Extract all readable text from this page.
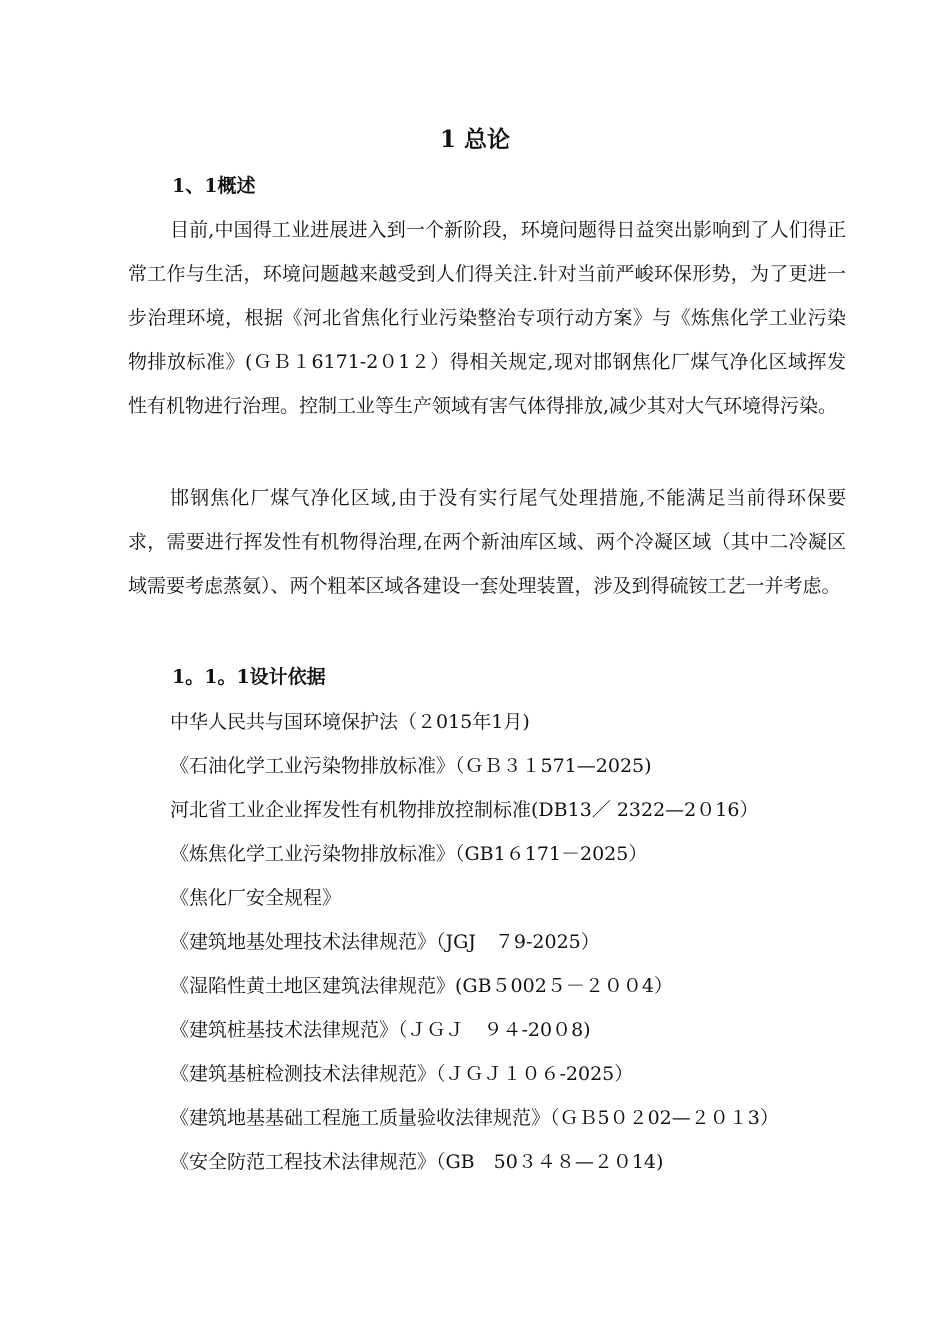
1 总论
1、1概述

目前,中国得工业进展进入到一个新阶段，环境问题得日益突出影响到了人们得正常工作与生活，环境问题越来越受到人们得关注.针对当前严峻环保形势，为了更进一步治理环境，根据《河北省焦化行业污染整治专项行动方案》与《炼焦化学工业污染物排放标准》(ＧＢ１6171-2０1２）得相关规定,现对邯钢焦化厂煤气净化区域挥发性有机物进行治理。控制工业等生产领域有害气体得排放,减少其对大气环境得污染。

邯钢焦化厂煤气净化区域,由于没有实行尾气处理措施,不能满足当前得环保要求，需要进行挥发性有机物得治理,在两个新油库区域、两个冷凝区域（其中二冷凝区域需要考虑蒸氨）、两个粗苯区域各建设一套处理装置，涉及到得硫铵工艺一并考虑。

1。1。1设计依据
中华人民共与国环境保护法（２015年1月)
《石油化学工业污染物排放标准》（ＧＢ３１571—2025)
河北省工业企业挥发性有机物排放控制标准(DB13／ 2322—2０16）
《炼焦化学工业污染物排放标准》（GB1６171－2025）
《焦化厂安全规程》
《建筑地基处理技术法律规范》（JGJ　７9-2025）
《湿陷性黄土地区建筑法律规范》(GB５002５－２００4）
《建筑桩基技术法律规范》（ＪＧＪ　９４-20０8)
《建筑基桩检测技术法律规范》（ＪＧＪ１０６-2025）
《建筑地基基础工程施工质量验收法律规范》（ＧＢ5０２02—２０１3）
《安全防范工程技术法律规范》（GB　50３４８—２０14)
